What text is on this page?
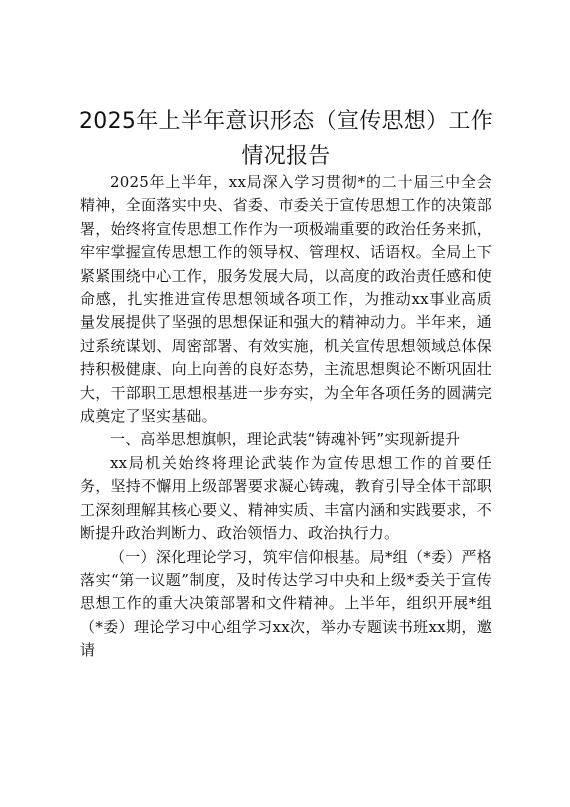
2025年上半年意识形态（宣传思想）工作情况报告

2025年上半年，xx局深入学习贯彻*的二十届三中全会精神，全面落实中央、省委、市委关于宣传思想工作的决策部署，始终将宣传思想工作作为一项极端重要的政治任务来抓，牢牢掌握宣传思想工作的领导权、管理权、话语权。全局上下紧紧围绕中心工作，服务发展大局，以高度的政治责任感和使命感，扎实推进宣传思想领域各项工作，为推动xx事业高质量发展提供了坚强的思想保证和强大的精神动力。半年来，通过系统谋划、周密部署、有效实施，机关宣传思想领域总体保持积极健康、向上向善的良好态势，主流思想舆论不断巩固壮大，干部职工思想根基进一步夯实，为全年各项任务的圆满完成奠定了坚实基础。

一、高举思想旗帜，理论武装“铸魂补钙”实现新提升

xx局机关始终将理论武装作为宣传思想工作的首要任务，坚持不懈用上级部署要求凝心铸魂，教育引导全体干部职工深刻理解其核心要义、精神实质、丰富内涵和实践要求，不断提升政治判断力、政治领悟力、政治执行力。

（一）深化理论学习，筑牢信仰根基。局*组（*委）严格落实“第一议题”制度，及时传达学习中央和上级*委关于宣传思想工作的重大决策部署和文件精神。上半年，组织开展*组（*委）理论学习中心组学习xx次，举办专题读书班xx期，邀请
